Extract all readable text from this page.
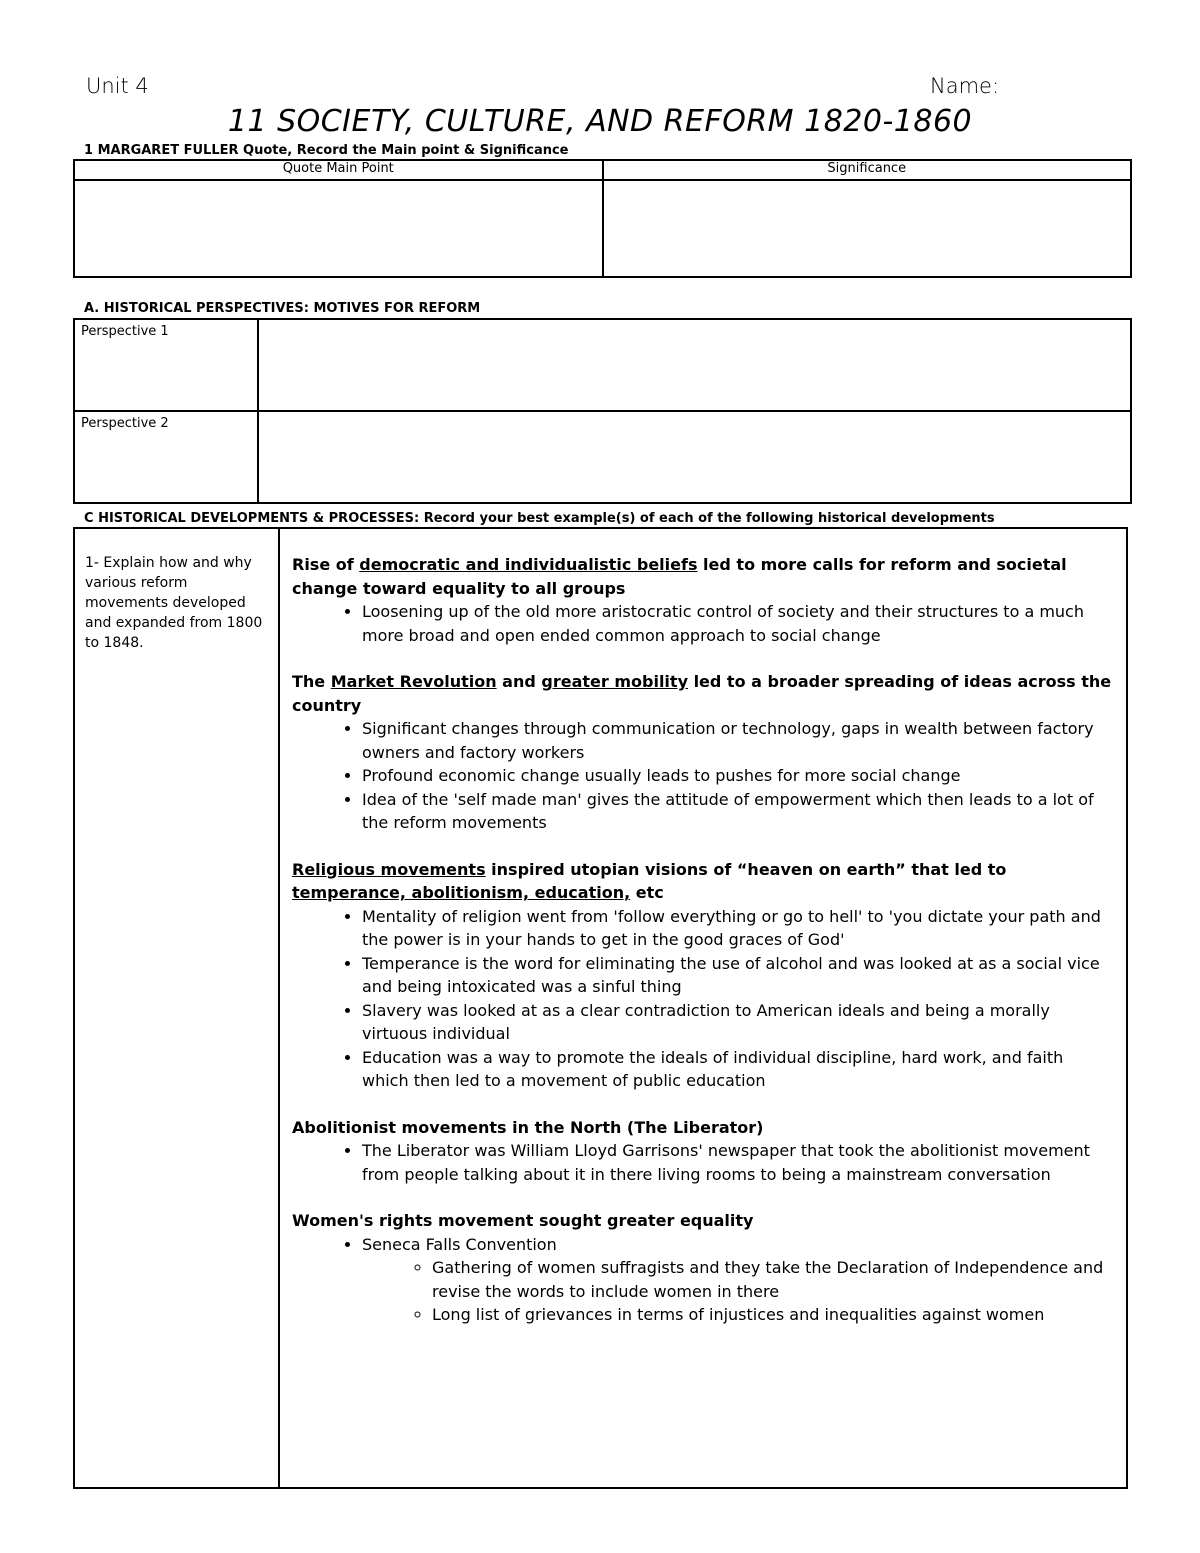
Unit 4	Name:
11 SOCIETY, CULTURE, AND REFORM 1820-1860
1 MARGARET FULLER Quote, Record the Main point & Significance
Quote Main Point	Significance

A. HISTORICAL PERSPECTIVES: MOTIVES FOR REFORM
Perspective 1	
Perspective 2	
C HISTORICAL DEVELOPMENTS & PROCESSES: Record your best example(s) of each of the following historical developments
1- Explain how and why various reform movements developed and expanded from 1800 to 1848.	
Rise of democratic and individualistic beliefs led to more calls for reform and societal change toward equality to all groups
• Loosening up of the old more aristocratic control of society and their structures to a much more broad and open ended common approach to social change
The Market Revolution and greater mobility led to a broader spreading of ideas across the country
• Significant changes through communication or technology, gaps in wealth between factory owners and factory workers
• Profound economic change usually leads to pushes for more social change
• Idea of the 'self made man' gives the attitude of empowerment which then leads to a lot of the reform movements
Religious movements inspired utopian visions of “heaven on earth” that led to temperance, abolitionism, education, etc
• Mentality of religion went from 'follow everything or go to hell' to 'you dictate your path and the power is in your hands to get in the good graces of God'
• Temperance is the word for eliminating the use of alcohol and was looked at as a social vice and being intoxicated was a sinful thing
• Slavery was looked at as a clear contradiction to American ideals and being a morally virtuous individual
• Education was a way to promote the ideals of individual discipline, hard work, and faith which then led to a movement of public education
Abolitionist movements in the North (The Liberator)
• The Liberator was William Lloyd Garrisons' newspaper that took the abolitionist movement from people talking about it in there living rooms to being a mainstream conversation
Women's rights movement sought greater equality
• Seneca Falls Convention
◦ Gathering of women suffragists and they take the Declaration of Independence and revise the words to include women in there
◦ Long list of grievances in terms of injustices and inequalities against women
